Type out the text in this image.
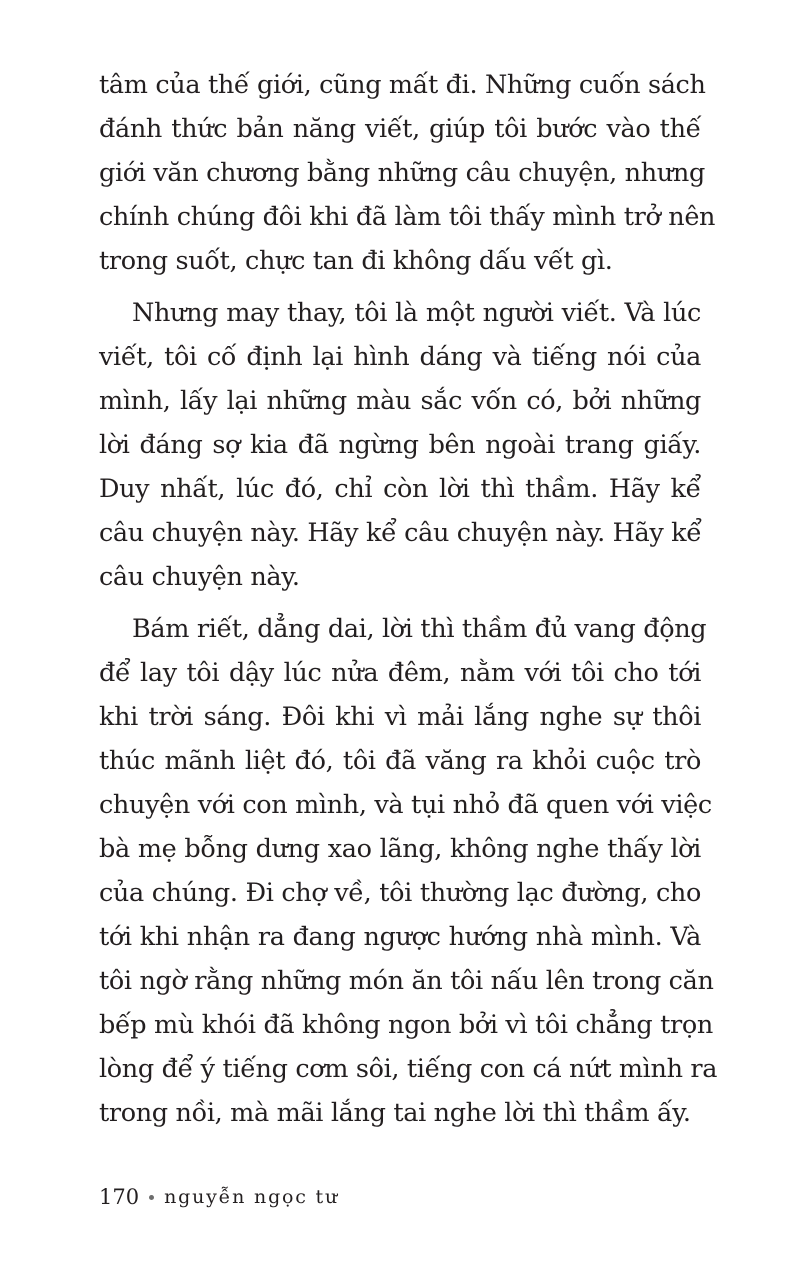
tâm của thế giới, cũng mất đi. Những cuốn sách
đánh thức bản năng viết, giúp tôi bước vào thế
giới văn chương bằng những câu chuyện, nhưng
chính chúng đôi khi đã làm tôi thấy mình trở nên
trong suốt, chực tan đi không dấu vết gì.
Nhưng may thay, tôi là một người viết. Và lúc
viết, tôi cố định lại hình dáng và tiếng nói của
mình, lấy lại những màu sắc vốn có, bởi những
lời đáng sợ kia đã ngừng bên ngoài trang giấy.
Duy nhất, lúc đó, chỉ còn lời thì thầm. Hãy kể
câu chuyện này. Hãy kể câu chuyện này. Hãy kể
câu chuyện này.
Bám riết, dẳng dai, lời thì thầm đủ vang động
để lay tôi dậy lúc nửa đêm, nằm với tôi cho tới
khi trời sáng. Đôi khi vì mải lắng nghe sự thôi
thúc mãnh liệt đó, tôi đã văng ra khỏi cuộc trò
chuyện với con mình, và tụi nhỏ đã quen với việc
bà mẹ bỗng dưng xao lãng, không nghe thấy lời
của chúng. Đi chợ về, tôi thường lạc đường, cho
tới khi nhận ra đang ngược hướng nhà mình. Và
tôi ngờ rằng những món ăn tôi nấu lên trong căn
bếp mù khói đã không ngon bởi vì tôi chẳng trọn
lòng để ý tiếng cơm sôi, tiếng con cá nứt mình ra
trong nồi, mà mãi lắng tai nghe lời thì thầm ấy.
170 nguyễn ngọc tư
